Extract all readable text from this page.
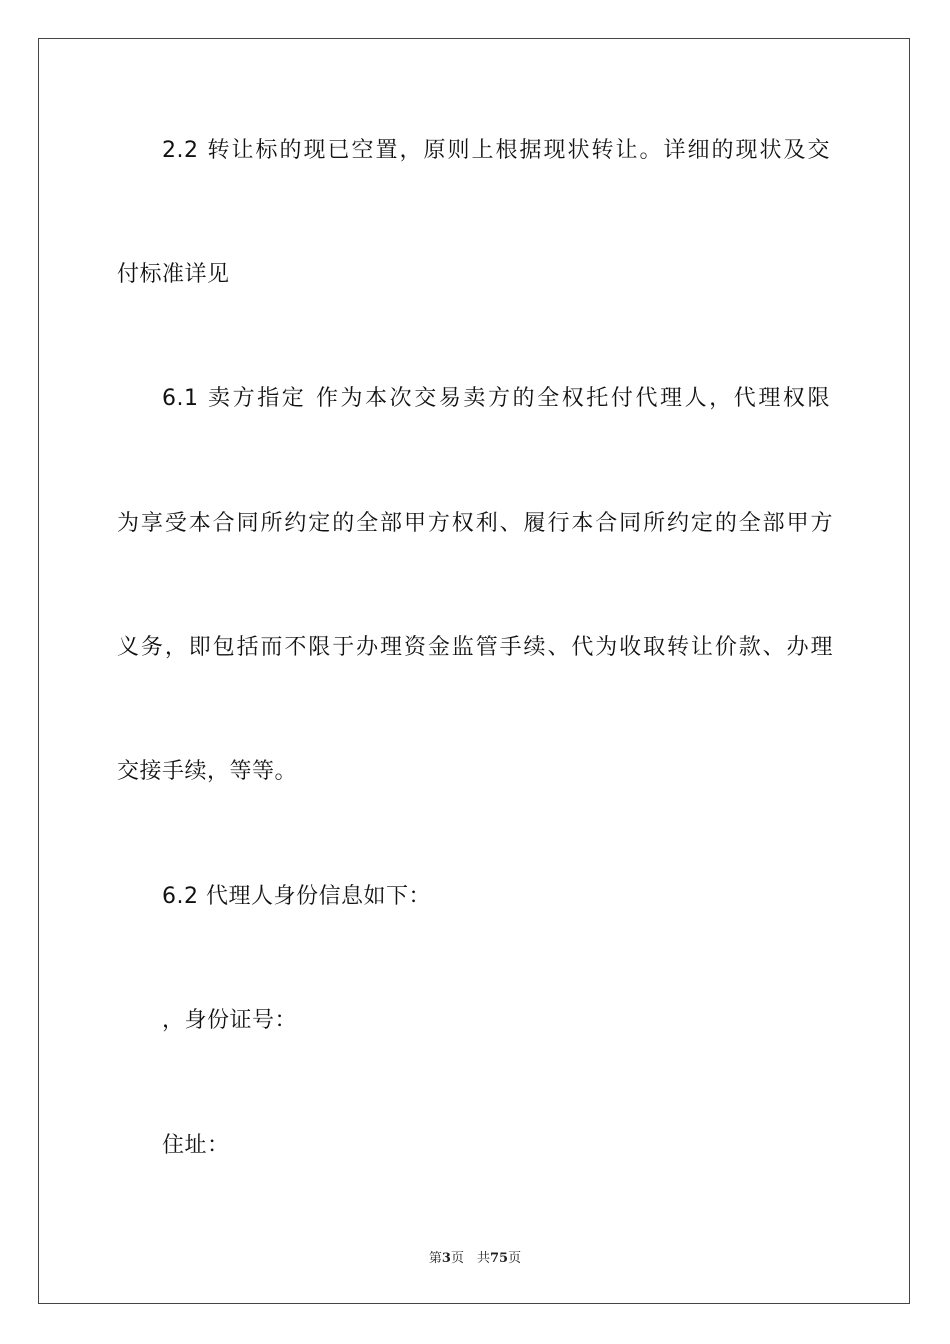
2.2 转让标的现已空置，原则上根据现状转让。详细的现状及交
付标准详见
6.1 卖方指定 作为本次交易卖方的全权托付代理人，代理权限
为享受本合同所约定的全部甲方权利、履行本合同所约定的全部甲方
义务，即包括而不限于办理资金监管手续、代为收取转让价款、办理
交接手续，等等。
6.2 代理人身份信息如下：
，身份证号：
住址：
第3页　共75页
